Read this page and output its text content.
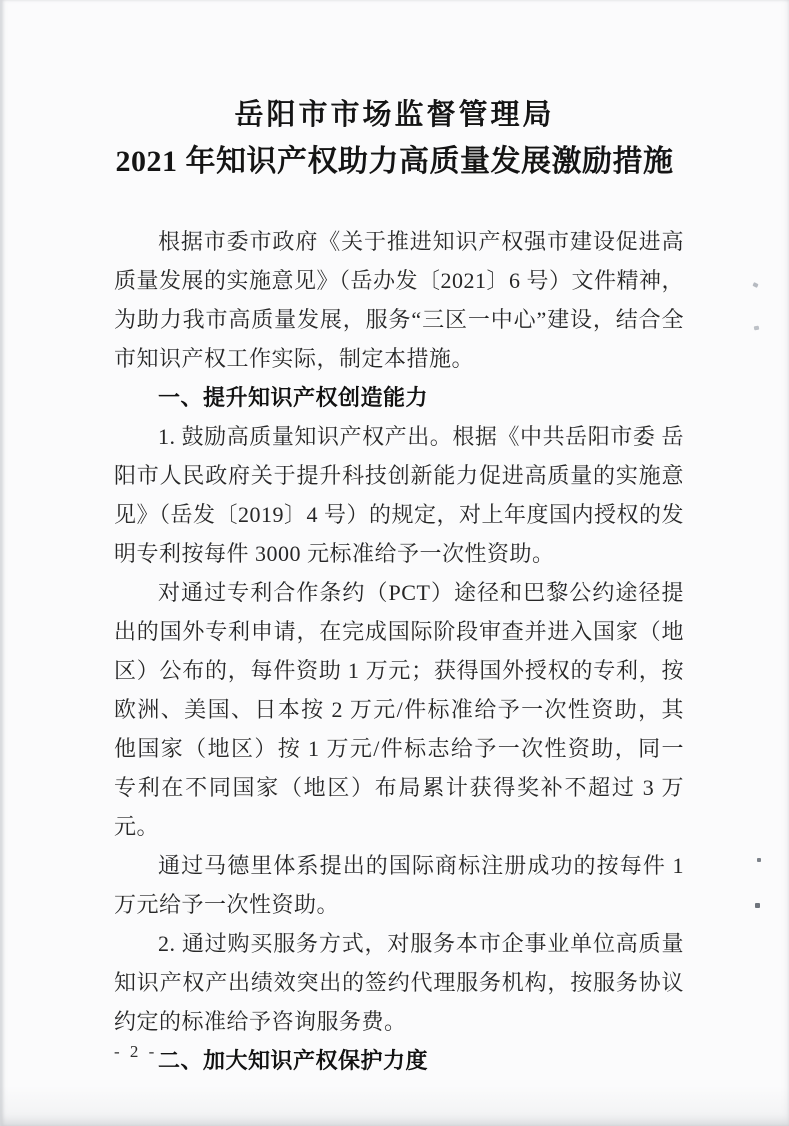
岳阳市市场监督管理局
2021 年知识产权助力高质量发展激励措施

根据市委市政府《关于推进知识产权强市建设促进高质量发展的实施意见》（岳办发〔2021〕6 号）文件精神，为助力我市高质量发展，服务“三区一中心”建设，结合全市知识产权工作实际，制定本措施。

一、提升知识产权创造能力

1. 鼓励高质量知识产权产出。根据《中共岳阳市委 岳阳市人民政府关于提升科技创新能力促进高质量的实施意见》（岳发〔2019〕4 号）的规定，对上年度国内授权的发明专利按每件 3000 元标准给予一次性资助。

对通过专利合作条约（PCT）途径和巴黎公约途径提出的国外专利申请，在完成国际阶段审查并进入国家（地区）公布的，每件资助 1 万元；获得国外授权的专利，按欧洲、美国、日本按 2 万元/件标准给予一次性资助，其他国家（地区）按 1 万元/件标志给予一次性资助，同一专利在不同国家（地区）布局累计获得奖补不超过 3 万元。

通过马德里体系提出的国际商标注册成功的按每件 1 万元给予一次性资助。

2. 通过购买服务方式，对服务本市企事业单位高质量知识产权产出绩效突出的签约代理服务机构，按服务协议约定的标准给予咨询服务费。

二、加大知识产权保护力度

- 2 -
